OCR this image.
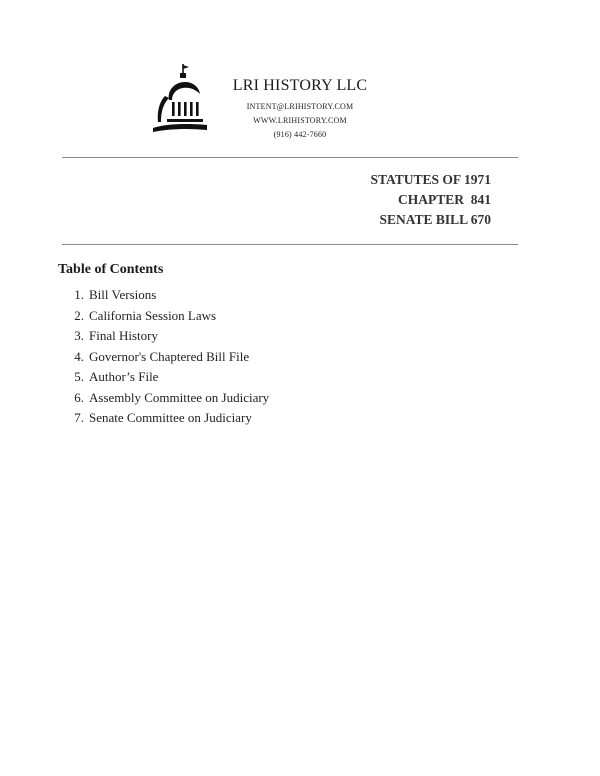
LRI HISTORY LLC
INTENT@LRIHISTORY.COM
WWW.LRIHISTORY.COM
(916) 442-7660
STATUTES OF 1971
CHAPTER  841
SENATE BILL 670
Table of Contents
1. Bill Versions
2. California Session Laws
3. Final History
4. Governor's Chaptered Bill File
5. Author’s File
6. Assembly Committee on Judiciary
7. Senate Committee on Judiciary
